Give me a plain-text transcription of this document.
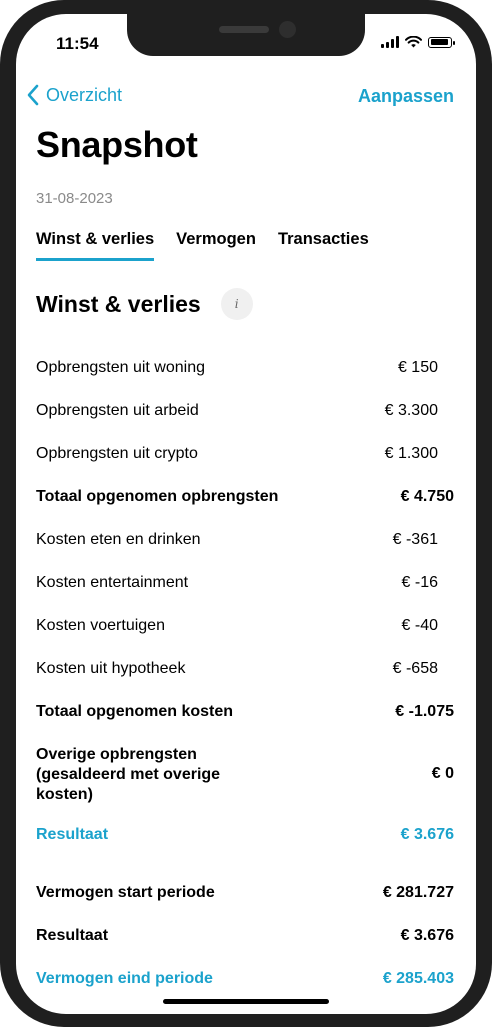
11:54
Overzicht	Aanpassen
Snapshot
31-08-2023
Winst & verlies Vermogen Transacties
Winst & verlies	i
Opbrengsten uit woning	€ 150
Opbrengsten uit arbeid	€ 3.300
Opbrengsten uit crypto	€ 1.300
Totaal opgenomen opbrengsten	€ 4.750
Kosten eten en drinken	€ -361
Kosten entertainment	€ -16
Kosten voertuigen	€ -40
Kosten uit hypotheek	€ -658
Totaal opgenomen kosten	€ -1.075
Overige opbrengsten (gesaldeerd met overige kosten)
€ 0
Resultaat	€ 3.676
Vermogen start periode	€ 281.727
Resultaat	€ 3.676
Vermogen eind periode	€ 285.403
